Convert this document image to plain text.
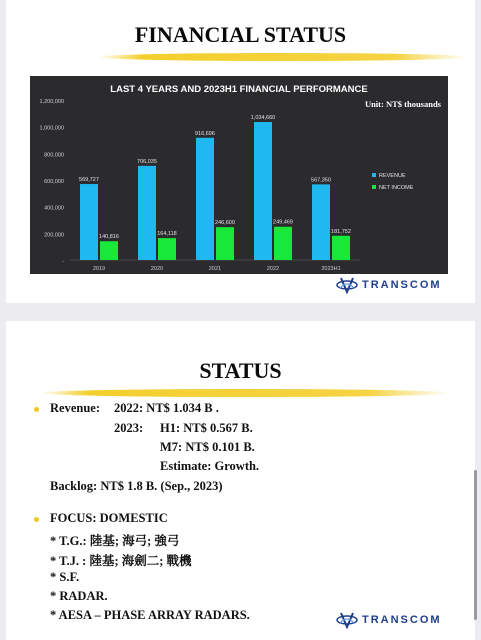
FINANCIAL STATUS
LAST 4 YEARS AND 2023H1 FINANCIAL PERFORMANCE
Unit: NT$ thousands
-
200,000
400,000
600,000
800,000
1,000,000
1,200,000
569,727
140,816
706,035
164,118
916,696
246,600
1,034,660
249,469
567,350
181,752
2019	2020	2021	2022	2023H1
REVENUE
NET INCOME
TRANSCOM
STATUS
Revenue: 2022: NT$ 1.034 B .
2023: H1: NT$ 0.567 B.
M7: NT$ 0.101 B.
Estimate: Growth.
Backlog: NT$ 1.8 B. (Sep., 2023)
FOCUS: DOMESTIC
* T.G.: 陸基; 海弓; 強弓
* T.J. : 陸基; 海劍二; 戰機
* S.F.
* RADAR.
* AESA – PHASE ARRAY RADARS.	TRANSCOM
